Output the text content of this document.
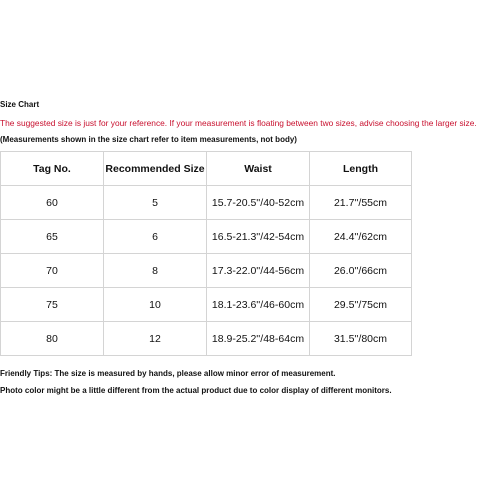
Size Chart
The suggested size is just for your reference. If your measurement is floating between two sizes, advise choosing the larger size.
(Measurements shown in the size chart refer to item measurements, not body)
Tag No.	Recommended Size	Waist	Length
60	5	15.7-20.5''/40-52cm	21.7''/55cm
65	6	16.5-21.3''/42-54cm	24.4''/62cm
70	8	17.3-22.0''/44-56cm	26.0''/66cm
75	10	18.1-23.6''/46-60cm	29.5''/75cm
80	12	18.9-25.2''/48-64cm	31.5''/80cm
Friendly Tips: The size is measured by hands, please allow minor error of measurement.
Photo color might be a little different from the actual product due to color display of different monitors.
